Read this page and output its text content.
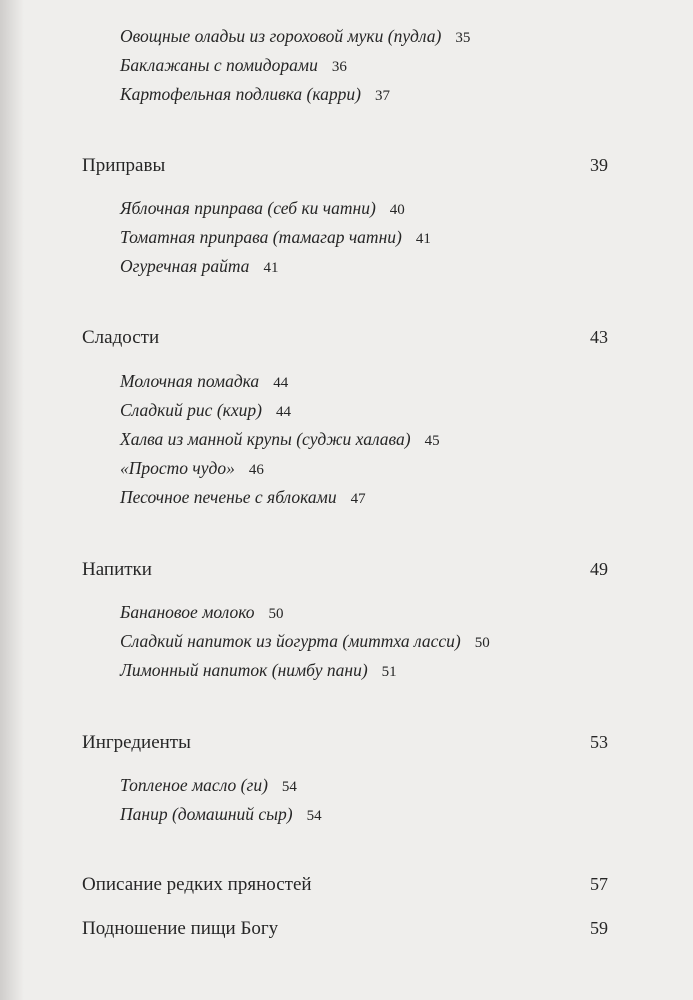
Овощные оладьи из гороховой муки (пудла) 35
Баклажаны с помидорами 36
Картофельная подливка (карри) 37
Приправы	39
Яблочная приправа (себ ки чатни) 40
Томатная приправа (тамагар чатни) 41
Огуречная райта 41
Сладости	43
Молочная помадка 44
Сладкий рис (кхир) 44
Халва из манной крупы (суджи халава) 45
«Просто чудо» 46
Песочное печенье с яблоками 47
Напитки	49
Банановое молоко 50
Сладкий напиток из йогурта (миттха ласси) 50
Лимонный напиток (нимбу пани) 51
Ингредиенты	53
Топленое масло (ги) 54
Панир (домашний сыр) 54
Описание редких пряностей	57
Подношение пищи Богу	59
